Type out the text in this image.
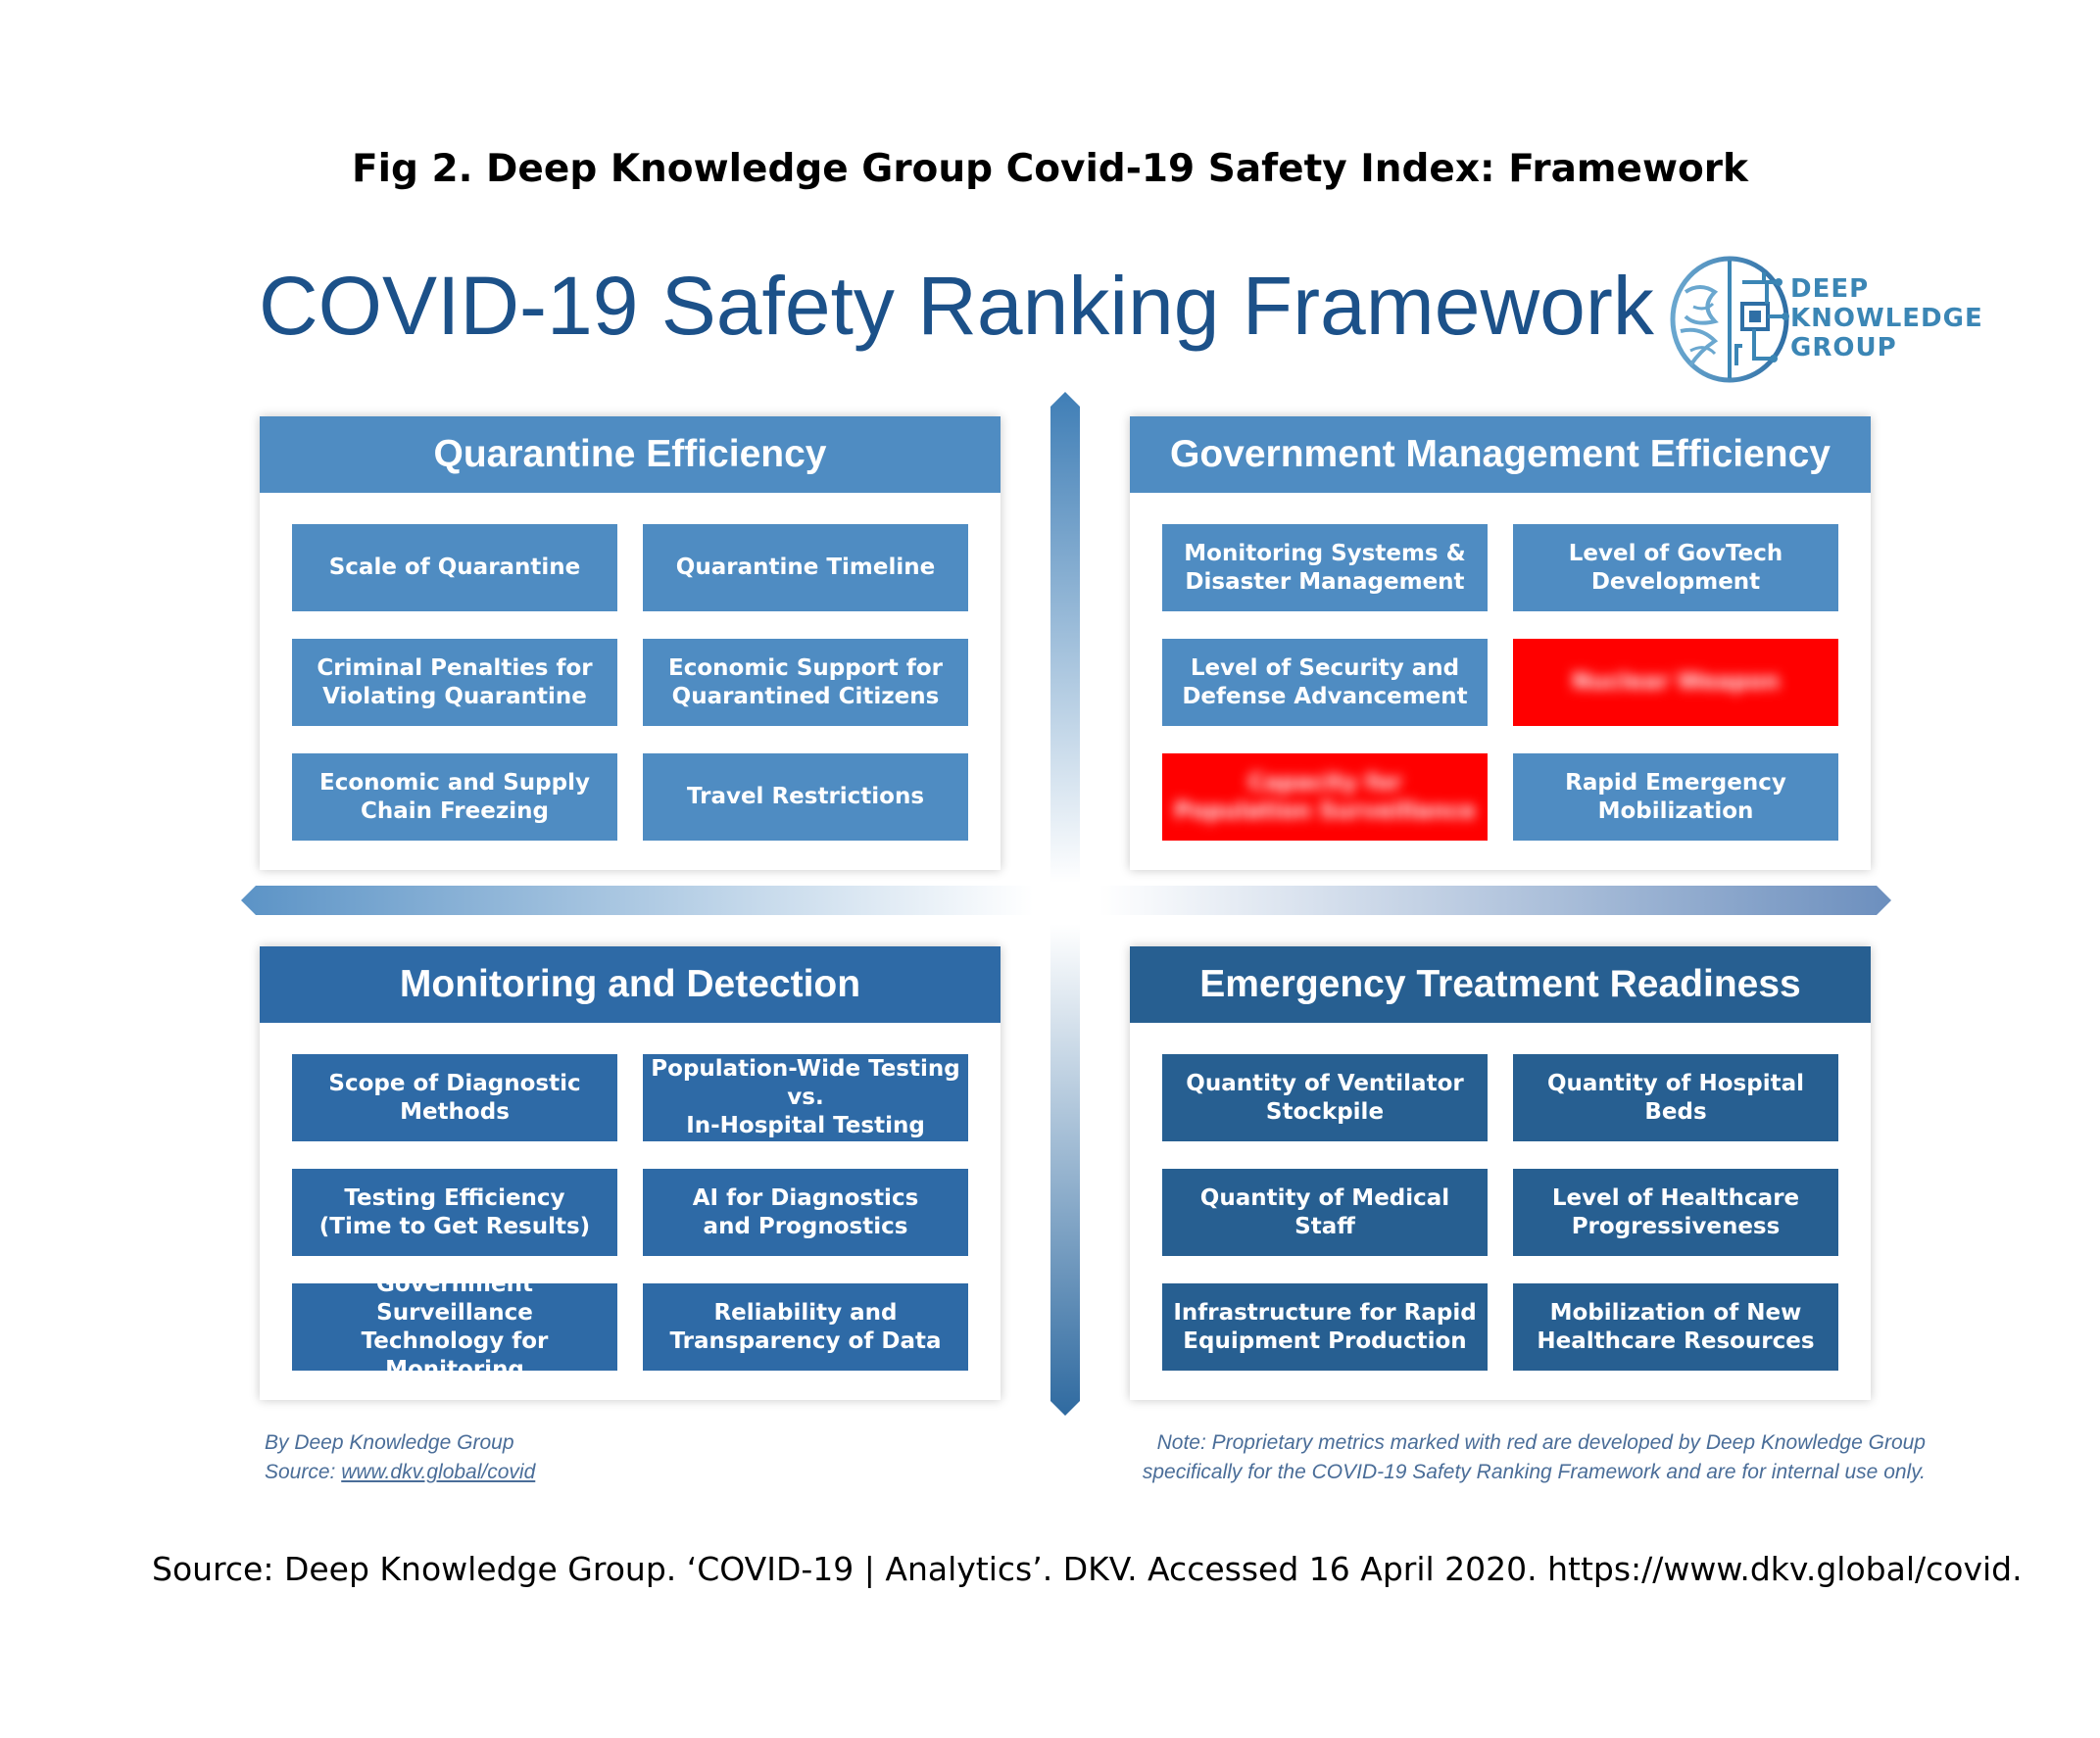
Fig 2. Deep Knowledge Group Covid-19 Safety Index: Framework
COVID-19 Safety Ranking Framework	DEEP
KNOWLEDGE
GROUP
Quarantine Efficiency
Scale of Quarantine	Quarantine Timeline
Criminal Penalties for
Violating Quarantine
Economic Support for
Quarantined Citizens
Economic and Supply
Chain Freezing
Travel Restrictions
Government Management Efficiency
Monitoring Systems &
Disaster Management
Level of GovTech
Development
Level of Security and
Defense Advancement
Nuclear Weapon
Capacity for
Population Surveillance
Rapid Emergency
Mobilization
Monitoring and Detection
Scope of Diagnostic
Methods
Population-Wide Testing vs.
In-Hospital Testing
Testing Efficiency
(Time to Get Results)
AI for Diagnostics
and Prognostics
Government Surveillance
Technology for Monitoring
Reliability and
Transparency of Data
Emergency Treatment Readiness
Quantity of Ventilator
Stockpile
Quantity of Hospital Beds
Quantity of Medical Staff
Level of Healthcare
Progressiveness
Infrastructure for Rapid
Equipment Production
Mobilization of New
Healthcare Resources
By Deep Knowledge Group
Source: www.dkv.global/covid
Note: Proprietary metrics marked with red are developed by Deep Knowledge Group
specifically for the COVID-19 Safety Ranking Framework and are for internal use only.
Source: Deep Knowledge Group. ‘COVID-19 | Analytics’. DKV. Accessed 16 April 2020. https://www.dkv.global/covid.
